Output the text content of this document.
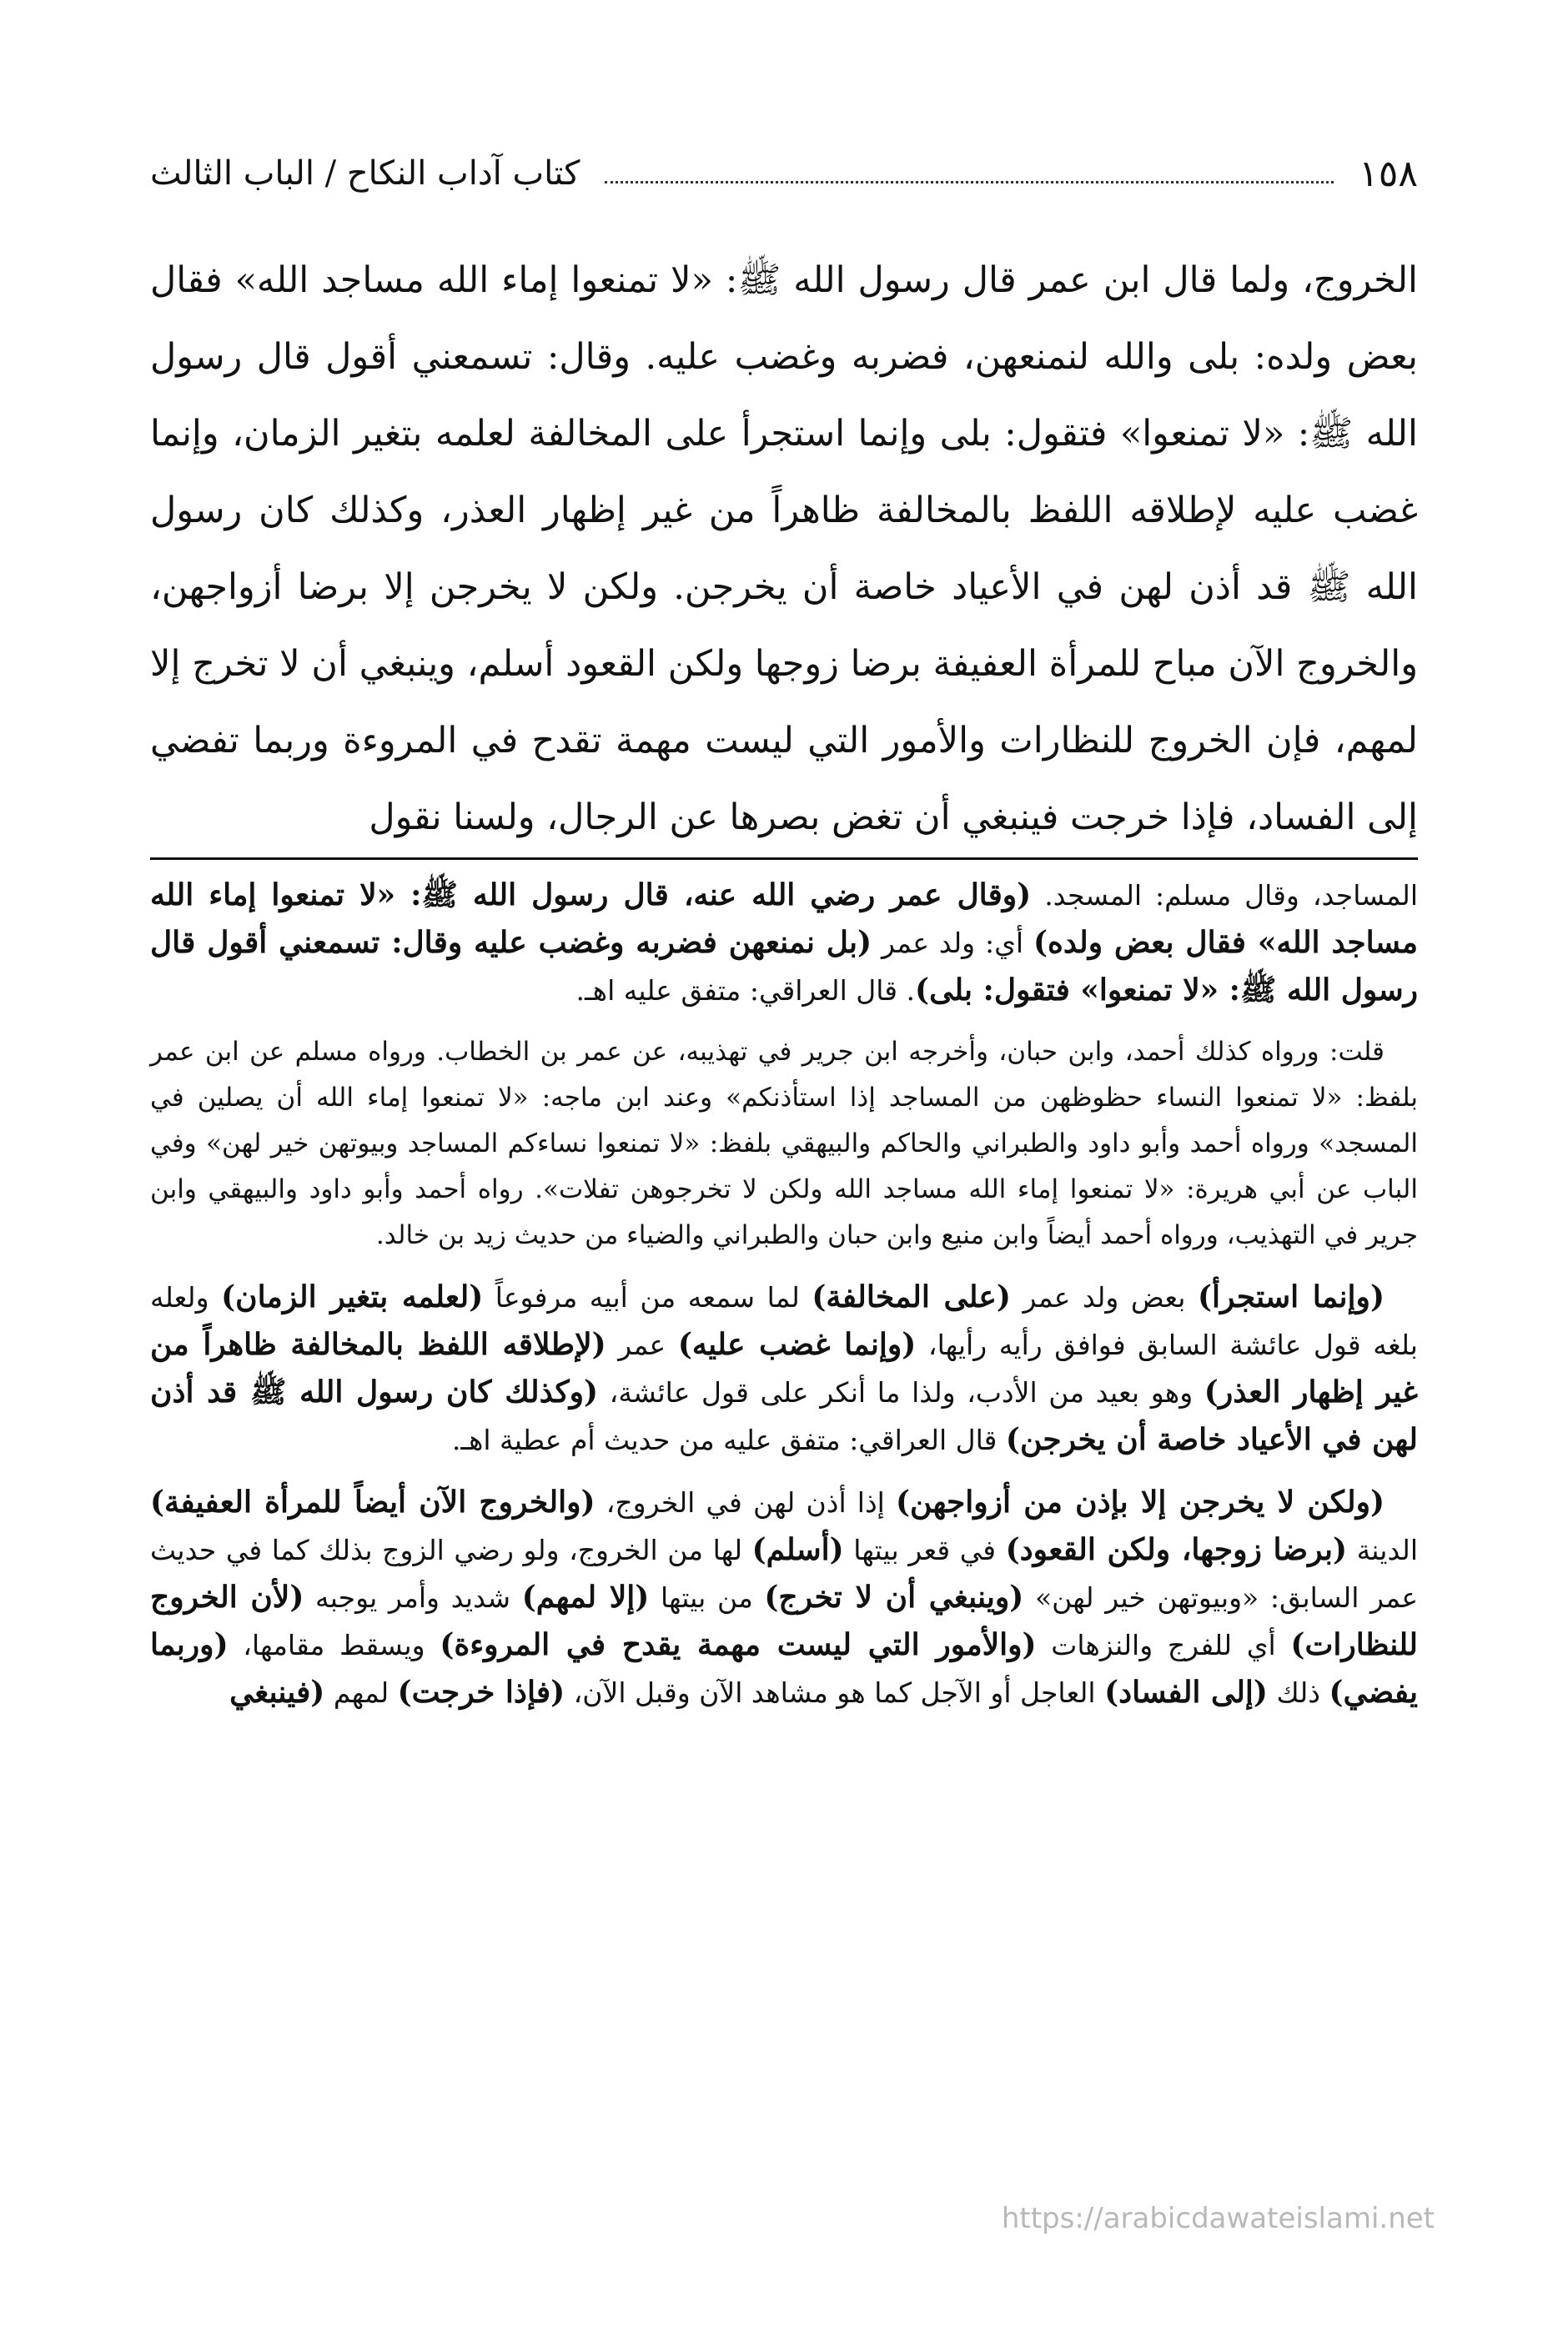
١٥٨
كتاب آداب النكاح / الباب الثالث
الخروج، ولما قال ابن عمر قال رسول الله ﷺ: «لا تمنعوا إماء الله مساجد الله» فقال بعض ولده: بلى والله لنمنعهن، فضربه وغضب عليه. وقال: تسمعني أقول قال رسول الله ﷺ: «لا تمنعوا» فتقول: بلى وإنما استجرأ على المخالفة لعلمه بتغير الزمان، وإنما غضب عليه لإطلاقه اللفظ بالمخالفة ظاهراً من غير إظهار العذر، وكذلك كان رسول الله ﷺ قد أذن لهن في الأعياد خاصة أن يخرجن. ولكن لا يخرجن إلا برضا أزواجهن، والخروج الآن مباح للمرأة العفيفة برضا زوجها ولكن القعود أسلم، وينبغي أن لا تخرج إلا لمهم، فإن الخروج للنظارات والأمور التي ليست مهمة تقدح في المروءة وربما تفضي إلى الفساد، فإذا خرجت فينبغي أن تغض بصرها عن الرجال، ولسنا نقول

المساجد، وقال مسلم: المسجد. (وقال عمر رضي الله عنه، قال رسول الله ﷺ: «لا تمنعوا إماء الله مساجد الله» فقال بعض ولده) أي: ولد عمر (بل نمنعهن فضربه وغضب عليه وقال: تسمعني أقول قال رسول الله ﷺ: «لا تمنعوا» فتقول: بلى). قال العراقي: متفق عليه اهـ.

قلت: ورواه كذلك أحمد، وابن حبان، وأخرجه ابن جرير في تهذيبه، عن عمر بن الخطاب. ورواه مسلم عن ابن عمر بلفظ: «لا تمنعوا النساء حظوظهن من المساجد إذا استأذنكم» وعند ابن ماجه: «لا تمنعوا إماء الله أن يصلين في المسجد» ورواه أحمد وأبو داود والطبراني والحاكم والبيهقي بلفظ: «لا تمنعوا نساءكم المساجد وبيوتهن خير لهن» وفي الباب عن أبي هريرة: «لا تمنعوا إماء الله مساجد الله ولكن لا تخرجوهن تفلات». رواه أحمد وأبو داود والبيهقي وابن جرير في التهذيب، ورواه أحمد أيضاً وابن منيع وابن حبان والطبراني والضياء من حديث زيد بن خالد.

(وإنما استجرأ) بعض ولد عمر (على المخالفة) لما سمعه من أبيه مرفوعاً (لعلمه بتغير الزمان) ولعله بلغه قول عائشة السابق فوافق رأيه رأيها، (وإنما غضب عليه) عمر (لإطلاقه اللفظ بالمخالفة ظاهراً من غير إظهار العذر) وهو بعيد من الأدب، ولذا ما أنكر على قول عائشة، (وكذلك كان رسول الله ﷺ قد أذن لهن في الأعياد خاصة أن يخرجن) قال العراقي: متفق عليه من حديث أم عطية اهـ.

(ولكن لا يخرجن إلا بإذن من أزواجهن) إذا أذن لهن في الخروج، (والخروج الآن أيضاً للمرأة العفيفة) الدينة (برضا زوجها، ولكن القعود) في قعر بيتها (أسلم) لها من الخروج، ولو رضي الزوج بذلك كما في حديث عمر السابق: «وبيوتهن خير لهن» (وينبغي أن لا تخرج) من بيتها (إلا لمهم) شديد وأمر يوجبه (لأن الخروج للنظارات) أي للفرج والنزهات (والأمور التي ليست مهمة يقدح في المروءة) ويسقط مقامها، (وربما يفضي) ذلك (إلى الفساد) العاجل أو الآجل كما هو مشاهد الآن وقبل الآن، (فإذا خرجت) لمهم (فينبغي

https://arabicdawateislami.net
